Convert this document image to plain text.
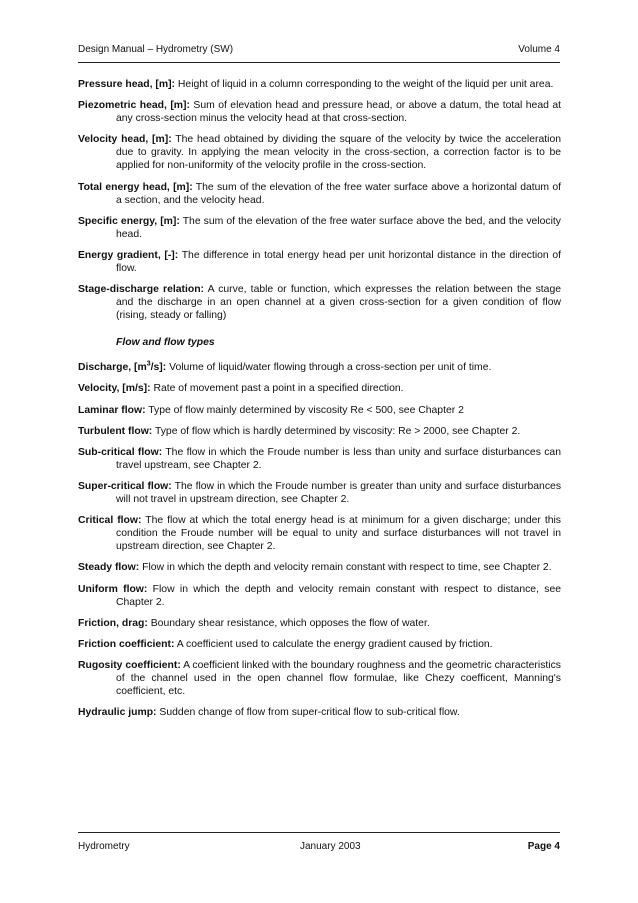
Design Manual – Hydrometry (SW)	Volume 4
Pressure head, [m]: Height of liquid in a column corresponding to the weight of the liquid per unit area.
Piezometric head, [m]: Sum of elevation head and pressure head, or above a datum, the total head at any cross-section minus the velocity head at that cross-section.
Velocity head, [m]: The head obtained by dividing the square of the velocity by twice the acceleration due to gravity. In applying the mean velocity in the cross-section, a correction factor is to be applied for non-uniformity of the velocity profile in the cross-section.
Total energy head, [m]: The sum of the elevation of the free water surface above a horizontal datum of a section, and the velocity head.
Specific energy, [m]: The sum of the elevation of the free water surface above the bed, and the velocity head.
Energy gradient, [-]: The difference in total energy head per unit horizontal distance in the direction of flow.
Stage-discharge relation: A curve, table or function, which expresses the relation between the stage and the discharge in an open channel at a given cross-section for a given condition of flow (rising, steady or falling)
Flow and flow types
Discharge, $[m^3/s]$: Volume of liquid/water flowing through a cross-section per unit of time.
Velocity, [m/s]: Rate of movement past a point in a specified direction.
Laminar flow: Type of flow mainly determined by viscosity Re < 500, see Chapter 2
Turbulent flow: Type of flow which is hardly determined by viscosity: Re > 2000, see Chapter 2.
Sub-critical flow: The flow in which the Froude number is less than unity and surface disturbances can travel upstream, see Chapter 2.
Super-critical flow: The flow in which the Froude number is greater than unity and surface disturbances will not travel in upstream direction, see Chapter 2.
Critical flow: The flow at which the total energy head is at minimum for a given discharge; under this condition the Froude number will be equal to unity and surface disturbances will not travel in upstream direction, see Chapter 2.
Steady flow: Flow in which the depth and velocity remain constant with respect to time, see Chapter 2.
Uniform flow: Flow in which the depth and velocity remain constant with respect to distance, see Chapter 2.
Friction, drag: Boundary shear resistance, which opposes the flow of water.
Friction coefficient: A coefficient used to calculate the energy gradient caused by friction.
Rugosity coefficient: A coefficient linked with the boundary roughness and the geometric characteristics of the channel used in the open channel flow formulae, like Chezy coefficent, Manning's coefficient, etc.
Hydraulic jump: Sudden change of flow from super-critical flow to sub-critical flow.
Hydrometry	January 2003	Page 4
